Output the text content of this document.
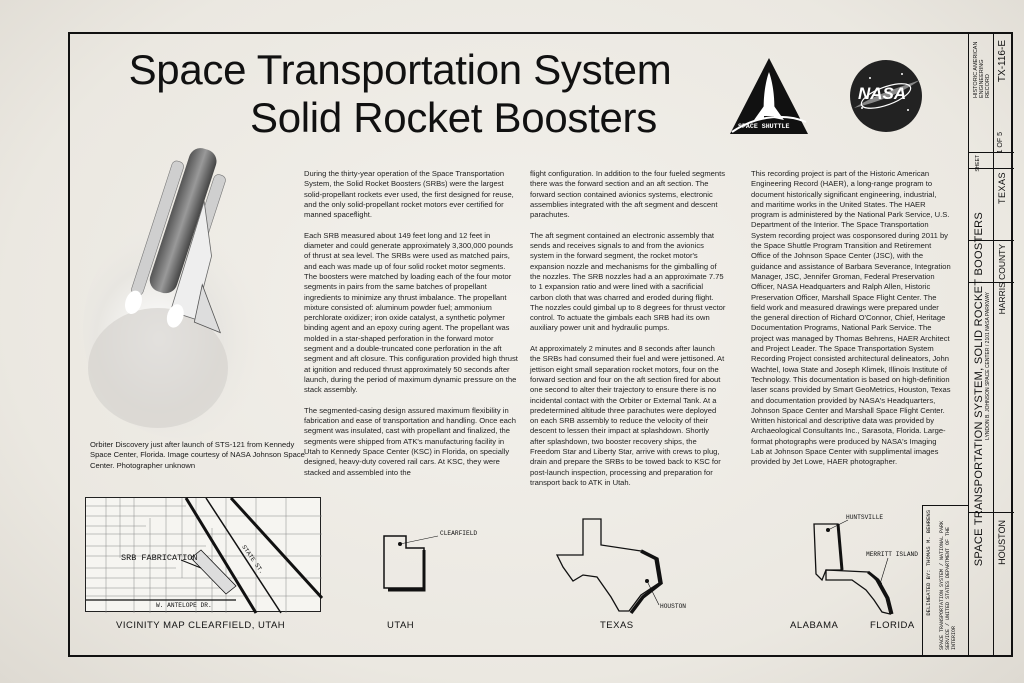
Space Transportation System
Solid Rocket Boosters	SPACE SHUTTLE
NASA
During the thirty-year operation of the Space Transportation System, the Solid Rocket Boosters (SRBs) were the largest solid-propellant rockets ever used, the first designed for reuse, and the only solid-propellant rocket motors ever certified for manned spaceflight.

Each SRB measured about 149 feet long and 12 feet in diameter and could generate approximately 3,300,000 pounds of thrust at sea level. The SRBs were used as matched pairs, and each was made up of four solid rocket motor segments. The boosters were matched by loading each of the four motor segments in pairs from the same batches of propellant ingredients to minimize any thrust imbalance. The propellant mixture consisted of: aluminum powder fuel; ammonium perchlorate oxidizer; iron oxide catalyst, a synthetic polymer binding agent and an epoxy curing agent. The propellant was molded in a star-shaped perforation in the forward motor segment and a double-truncated cone perforation in the aft segment and aft closure. This configuration provided high thrust at ignition and reduced thrust approximately 50 seconds after launch, during the period of maximum dynamic pressure on the stack assembly.

The segmented-casing design assured maximum flexibility in fabrication and ease of transportation and handling. Once each segment was insulated, cast with propellant and finalized, the segments were shipped from ATK's manufacturing facility in Utah to Kennedy Space Center (KSC) in Florida, on specially designed, heavy-duty covered rail cars. At KSC, they were stacked and assembled into the
flight configuration. In addition to the four fueled segments there was the forward section and an aft section. The forward section contained avionics systems, electronic assemblies integrated with the aft segment and descent parachutes.

The aft segment contained an electronic assembly that sends and receives signals to and from the avionics system in the forward segment, the rocket motor's expansion nozzle and mechanisms for the gimballing of the nozzles. The SRB nozzles had a an approximate 7.75 to 1 expansion ratio and were lined with a sacrificial carbon cloth that was charred and eroded during flight. The nozzles could gimbal up to 8 degrees for thrust vector control. To actuate the gimbals each SRB had its own auxiliary power unit and hydraulic pumps.

At approximately 2 minutes and 8 seconds after launch the SRBs had consumed their fuel and were jettisoned. At jettison eight small separation rocket motors, four on the forward section and four on the aft section fired for about one second to alter their trajectory to ensure there is no incidental contact with the Orbiter or External Tank. At a predetermined altitude three parachutes were deployed on each SRB assembly to reduce the velocity of their descent to lessen their impact at splashdown. Shortly after splashdown, two booster recovery ships, the Freedom Star and Liberty Star, arrive with crews to plug, drain and prepare the SRBs to be towed back to KSC for post-launch inspection, processing and preparation for transport back to ATK in Utah.
This recording project is part of the Historic American Engineering Record (HAER), a long-range program to document historically significant engineering, industrial, and maritime works in the United States. The HAER program is administered by the National Park Service, U.S. Department of the Interior. The Space Transportation System recording project was cosponsored during 2011 by the Space Shuttle Program Transition and Retirement Office of the Johnson Space Center (JSC), with the guidance and assistance of Barbara Severance, Integration Manager, JSC, Jennifer Groman, Federal Preservation Officer, NASA Headquarters and Ralph Allen, Historic Preservation Officer, Marshall Space Flight Center. The field work and measured drawings were prepared under the general direction of Richard O'Connor, Chief, Heritage Documentation Programs, National Park Service. The project was managed by Thomas Behrens, HAER Architect and Project Leader. The Space Transportation System Recording Project consisted architectural delineators, John Wachtel, Iowa State and Joseph Klimek, Illinois Institute of Technology. This documentation is based on high-definition laser scans provided by Smart GeoMetrics, Houston, Texas and documentation provided by NASA's Headquarters, Johnson Space Center and Marshall Space Flight Center. Written historical and descriptive data was provided by Archaeological Consultants Inc., Sarasota, Florida. Large-format photographs were produced by NASA's Imaging Lab at Johnson Space Center with supplimental images provided by Jet Lowe, HAER photographer.
Orbiter Discovery just after launch of STS-121 from Kennedy Space Center, Florida. Image courtesy of NASA Johnson Space Center. Photographer unknown
SRB FABRICATION
W. ANTELOPE DR.
STATE ST.
VICINITY MAP CLEARFIELD, UTAH
CLEARFIELD
UTAH
HOUSTON
TEXAS
HUNTSVILLE
MERRITT ISLAND
ALABAMA	FLORIDA
DELINEATED BY: THOMAS M. BEHRENS SPACE TRANSPORTATION SYSTEM / NATIONAL PARK SERVICE / UNITED STATES DEPARTMENT OF THE INTERIOR
HISTORIC AMERICAN ENGINEERING RECORD
TX-116-E
SHEET
1 OF 5
TEXAS
HARRIS COUNTY
SPACE TRANSPORTATION SYSTEM, SOLID ROCKET BOOSTERS LYNDON B. JOHNSON SPACE CENTER / 2101 NASA PARKWAY
HOUSTON
